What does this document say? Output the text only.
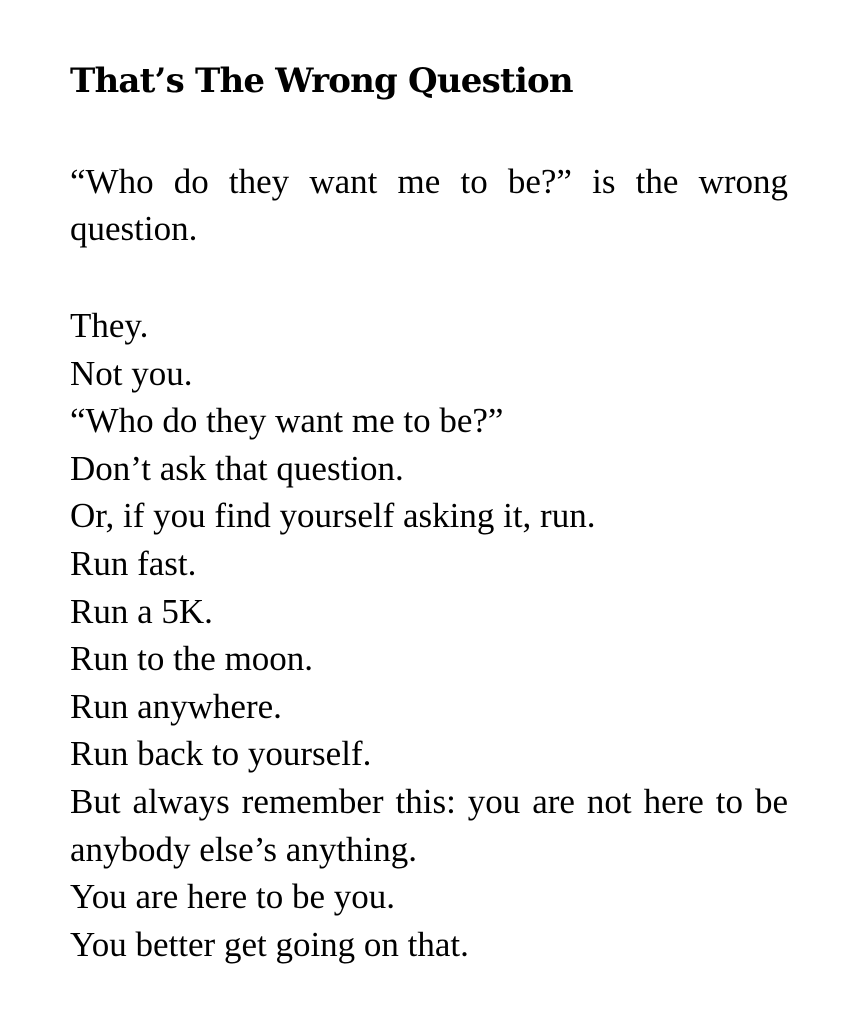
That’s The Wrong Question

“Who do they want me to be?” is the wrong question.

They.
Not you.
“Who do they want me to be?”
Don’t ask that question.
Or, if you find yourself asking it, run.
Run fast.
Run a 5K.
Run to the moon.
Run anywhere.
Run back to yourself.
But always remember this: you are not here to be anybody else’s anything.
You are here to be you.
You better get going on that.
